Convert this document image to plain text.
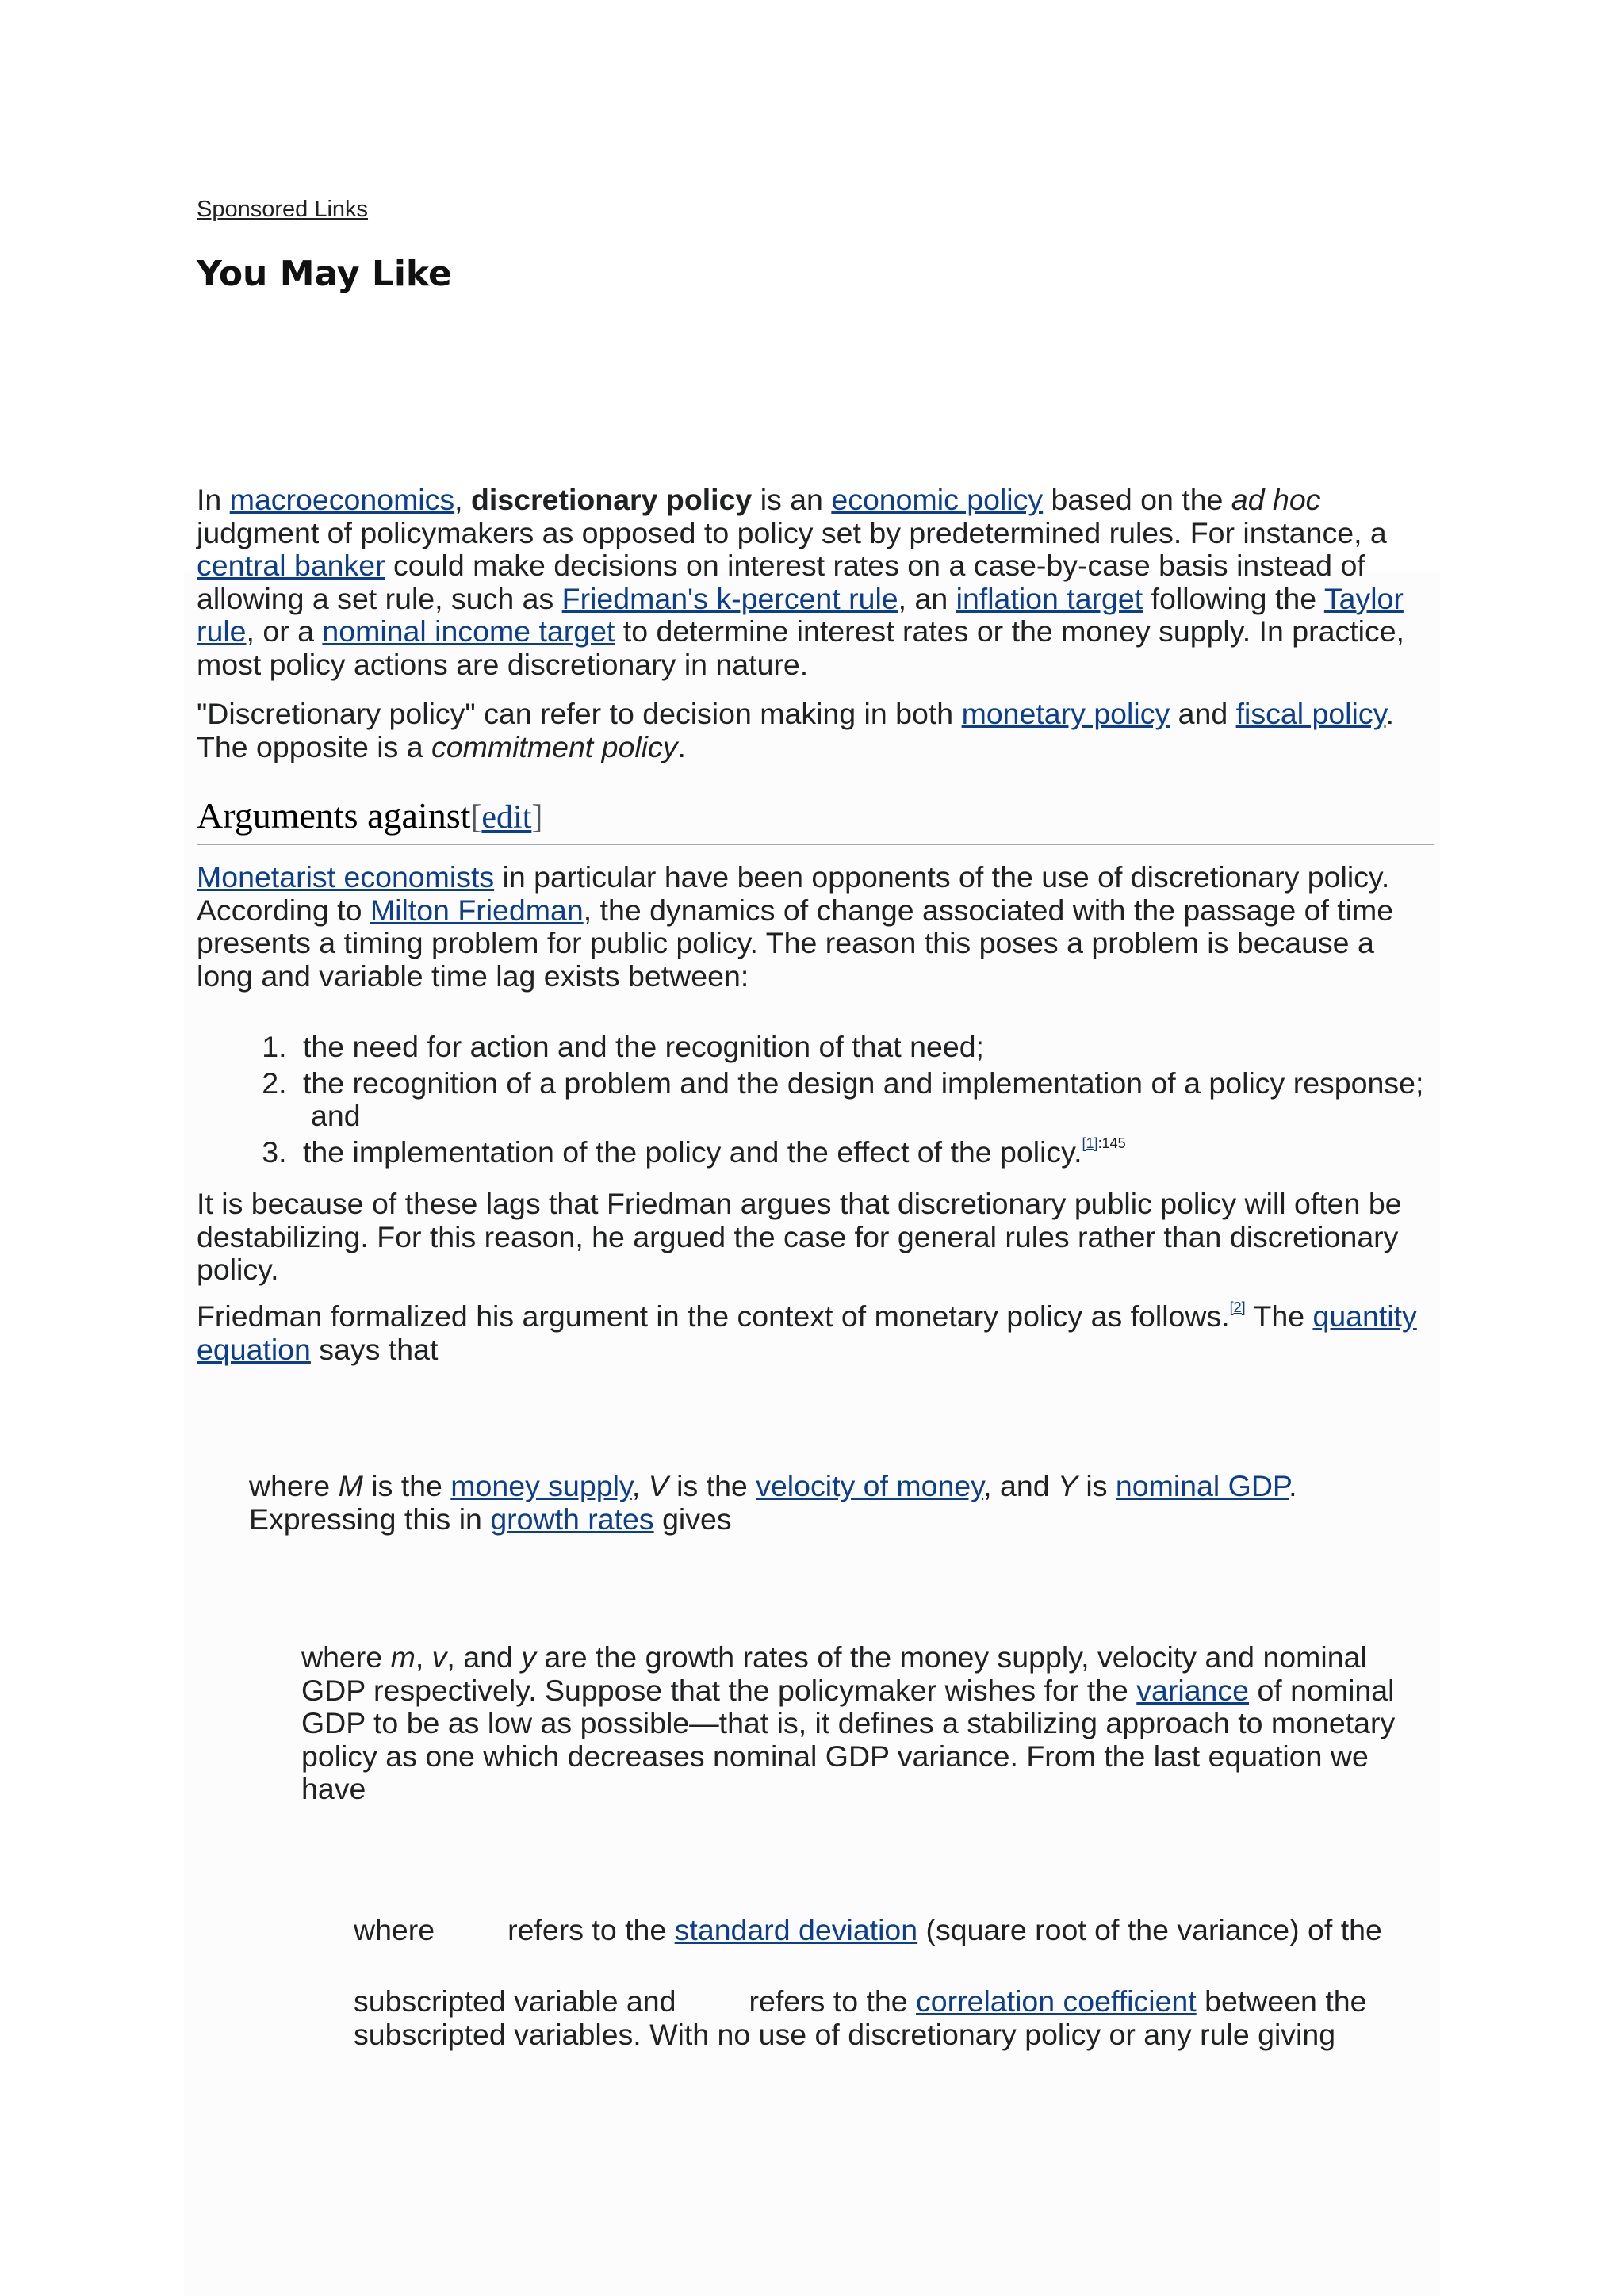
Sponsored Links
You May Like

In macroeconomics, discretionary policy is an economic policy based on the ad hoc judgment of policymakers as opposed to policy set by predetermined rules. For instance, a central banker could make decisions on interest rates on a case-by-case basis instead of allowing a set rule, such as Friedman's k-percent rule, an inflation target following the Taylor rule, or a nominal income target to determine interest rates or the money supply. In practice, most policy actions are discretionary in nature.

"Discretionary policy" can refer to decision making in both monetary policy and fiscal policy. The opposite is a commitment policy.

Arguments against[edit]

Monetarist economists in particular have been opponents of the use of discretionary policy. According to Milton Friedman, the dynamics of change associated with the passage of time presents a timing problem for public policy. The reason this poses a problem is because a long and variable time lag exists between:

1. the need for action and the recognition of that need;
2. the recognition of a problem and the design and implementation of a policy response;
and
3. the implementation of the policy and the effect of the policy.$^{[1]:145}$

It is because of these lags that Friedman argues that discretionary public policy will often be destabilizing. For this reason, he argued the case for general rules rather than discretionary policy.

Friedman formalized his argument in the context of monetary policy as follows.[2] The quantity equation says that

where M is the money supply, V is the velocity of money, and Y is nominal GDP. Expressing this in growth rates gives

where m, v, and y are the growth rates of the money supply, velocity and nominal GDP respectively. Suppose that the policymaker wishes for the variance of nominal GDP to be as low as possible—that is, it defines a stabilizing approach to monetary policy as one which decreases nominal GDP variance. From the last equation we have

where refers to the standard deviation (square root of the variance) of the

subscripted variable and refers to the correlation coefficient between the subscripted variables. With no use of discretionary policy or any rule giving
